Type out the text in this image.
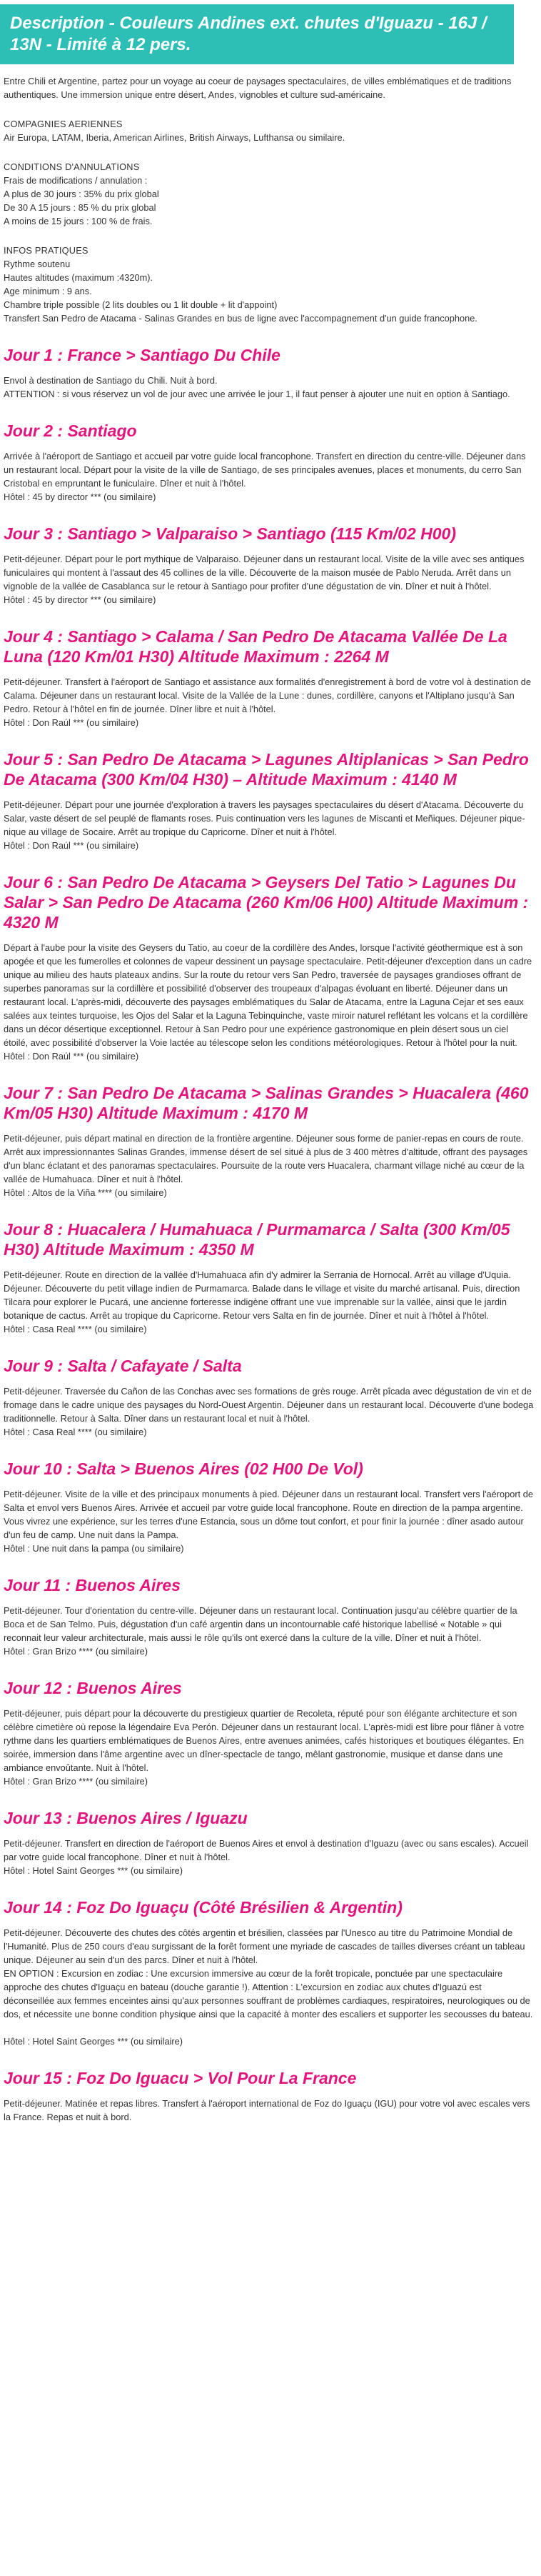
Description - Couleurs Andines ext. chutes d'Iguazu - 16J / 13N - Limité à 12 pers.

Entre Chili et Argentine, partez pour un voyage au coeur de paysages spectaculaires, de villes emblématiques et de traditions authentiques. Une immersion unique entre désert, Andes, vignobles et culture sud-américaine.

COMPAGNIES AERIENNES

Air Europa, LATAM, Iberia, American Airlines, British Airways, Lufthansa ou similaire.

CONDITIONS D'ANNULATIONS

Frais de modifications / annulation :

A plus de 30 jours : 35% du prix global

De 30 A 15 jours : 85 % du prix global

A moins de 15 jours : 100 % de frais.

INFOS PRATIQUES

Rythme soutenu

Hautes altitudes (maximum :4320m).

Age minimum : 9 ans.

Chambre triple possible (2 lits doubles ou 1 lit double + lit d'appoint)

Transfert San Pedro de Atacama - Salinas Grandes en bus de ligne avec l'accompagnement d'un guide francophone.

Jour 1 : France > Santiago Du Chile

Envol à destination de Santiago du Chili. Nuit à bord.

ATTENTION : si vous réservez un vol de jour avec une arrivée le jour 1, il faut penser à ajouter une nuit en option à Santiago.

Jour 2 : Santiago

Arrivée à l'aéroport de Santiago et accueil par votre guide local francophone. Transfert en direction du centre-ville. Déjeuner dans un restaurant local. Départ pour la visite de la ville de Santiago, de ses principales avenues, places et monuments, du cerro San Cristobal en empruntant le funiculaire. Dîner et nuit à l'hôtel.

Hôtel : 45 by director *** (ou similaire)

Jour 3 : Santiago > Valparaiso > Santiago (115 Km/02 H00)

Petit-déjeuner. Départ pour le port mythique de Valparaiso. Déjeuner dans un restaurant local. Visite de la ville avec ses antiques funiculaires qui montent à l'assaut des 45 collines de la ville. Découverte de la maison musée de Pablo Neruda. Arrêt dans un vignoble de la vallée de Casablanca sur le retour à Santiago pour profiter d'une dégustation de vin. Dîner et nuit à l'hôtel.

Hôtel : 45 by director *** (ou similaire)

Jour 4 : Santiago > Calama / San Pedro De Atacama Vallée De La Luna (120 Km/01 H30) Altitude Maximum : 2264 M

Petit-déjeuner. Transfert à l'aéroport de Santiago et assistance aux formalités d'enregistrement à bord de votre vol à destination de Calama. Déjeuner dans un restaurant local. Visite de la Vallée de la Lune : dunes, cordillère, canyons et l'Altiplano jusqu'à San Pedro. Retour à l'hôtel en fin de journée. Dîner libre et nuit à l'hôtel.

Hôtel : Don Raúl *** (ou similaire)

Jour 5 : San Pedro De Atacama > Lagunes Altiplanicas > San Pedro De Atacama (300 Km/04 H30) – Altitude Maximum : 4140 M

Petit-déjeuner. Départ pour une journée d'exploration à travers les paysages spectaculaires du désert d'Atacama. Découverte du Salar, vaste désert de sel peuplé de flamants roses. Puis continuation vers les lagunes de Miscanti et Meñiques. Déjeuner pique-nique au village de Socaire. Arrêt au tropique du Capricorne. Dîner et nuit à l'hôtel.

Hôtel : Don Raúl *** (ou similaire)

Jour 6 : San Pedro De Atacama > Geysers Del Tatio > Lagunes Du Salar > San Pedro De Atacama (260 Km/06 H00) Altitude Maximum : 4320 M

Départ à l'aube pour la visite des Geysers du Tatio, au coeur de la cordillère des Andes, lorsque l'activité géothermique est à son apogée et que les fumerolles et colonnes de vapeur dessinent un paysage spectaculaire. Petit-déjeuner d'exception dans un cadre unique au milieu des hauts plateaux andins. Sur la route du retour vers San Pedro, traversée de paysages grandioses offrant de superbes panoramas sur la cordillère et possibilité d'observer des troupeaux d'alpagas évoluant en liberté. Déjeuner dans un restaurant local. L'après-midi, découverte des paysages emblématiques du Salar de Atacama, entre la Laguna Cejar et ses eaux salées aux teintes turquoise, les Ojos del Salar et la Laguna Tebinquinche, vaste miroir naturel reflétant les volcans et la cordillère dans un décor désertique exceptionnel. Retour à San Pedro pour une expérience gastronomique en plein désert sous un ciel étoilé, avec possibilité d'observer la Voie lactée au télescope selon les conditions météorologiques. Retour à l'hôtel pour la nuit.

Hôtel : Don Raúl *** (ou similaire)

Jour 7 : San Pedro De Atacama > Salinas Grandes > Huacalera (460 Km/05 H30) Altitude Maximum : 4170 M

Petit-déjeuner, puis départ matinal en direction de la frontière argentine. Déjeuner sous forme de panier-repas en cours de route. Arrêt aux impressionnantes Salinas Grandes, immense désert de sel situé à plus de 3 400 mètres d'altitude, offrant des paysages d'un blanc éclatant et des panoramas spectaculaires. Poursuite de la route vers Huacalera, charmant village niché au cœur de la vallée de Humahuaca. Dîner et nuit à l'hôtel.

Hôtel : Altos de la Viña **** (ou similaire)

Jour 8 : Huacalera / Humahuaca / Purmamarca / Salta (300 Km/05 H30) Altitude Maximum : 4350 M

Petit-déjeuner. Route en direction de la vallée d'Humahuaca afin d'y admirer la Serrania de Hornocal. Arrêt au village d'Uquia. Déjeuner. Découverte du petit village indien de Purmamarca. Balade dans le village et visite du marché artisanal. Puis, direction Tilcara pour explorer le Pucará, une ancienne forteresse indigène offrant une vue imprenable sur la vallée, ainsi que le jardin botanique de cactus. Arrêt au tropique du Capricorne. Retour vers Salta en fin de journée. Dîner et nuit à l'hôtel à l'hôtel.

Hôtel : Casa Real **** (ou similaire)

Jour 9 : Salta / Cafayate / Salta

Petit-déjeuner. Traversée du Cañon de las Conchas avec ses formations de grès rouge. Arrêt pîcada avec dégustation de vin et de fromage dans le cadre unique des paysages du Nord-Ouest Argentin. Déjeuner dans un restaurant local. Découverte d'une bodega traditionnelle. Retour à Salta. Dîner dans un restaurant local et nuit à l'hôtel.

Hôtel : Casa Real **** (ou similaire)

Jour 10 : Salta > Buenos Aires (02 H00 De Vol)

Petit-déjeuner. Visite de la ville et des principaux monuments à pied. Déjeuner dans un restaurant local. Transfert vers l'aéroport de Salta et envol vers Buenos Aires. Arrivée et accueil par votre guide local francophone. Route en direction de la pampa argentine. Vous vivrez une expérience, sur les terres d'une Estancia, sous un dôme tout confort, et pour finir la journée : dîner asado autour d'un feu de camp. Une nuit dans la Pampa.

Hôtel : Une nuit dans la pampa (ou similaire)

Jour 11 : Buenos Aires

Petit-déjeuner. Tour d'orientation du centre-ville. Déjeuner dans un restaurant local. Continuation jusqu'au célèbre quartier de la Boca et de San Telmo. Puis, dégustation d'un café argentin dans un incontournable café historique labellisé « Notable » qui reconnait leur valeur architecturale, mais aussi le rôle qu'ils ont exercé dans la culture de la ville. Dîner et nuit à l'hôtel.

Hôtel : Gran Brizo **** (ou similaire)

Jour 12 : Buenos Aires

Petit-déjeuner, puis départ pour la découverte du prestigieux quartier de Recoleta, réputé pour son élégante architecture et son célèbre cimetière où repose la légendaire Eva Perón. Déjeuner dans un restaurant local. L'après-midi est libre pour flâner à votre rythme dans les quartiers emblématiques de Buenos Aires, entre avenues animées, cafés historiques et boutiques élégantes. En soirée, immersion dans l'âme argentine avec un dîner-spectacle de tango, mêlant gastronomie, musique et danse dans une ambiance envoûtante. Nuit à l'hôtel.

Hôtel : Gran Brizo **** (ou similaire)

Jour 13 : Buenos Aires / Iguazu

Petit-déjeuner. Transfert en direction de l'aéroport de Buenos Aires et envol à destination d'Iguazu (avec ou sans escales). Accueil par votre guide local francophone. Dîner et nuit à l'hôtel.

Hôtel : Hotel Saint Georges *** (ou similaire)

Jour 14 : Foz Do Iguaçu (Côté Brésilien & Argentin)

Petit-déjeuner. Découverte des chutes des côtés argentin et brésilien, classées par l'Unesco au titre du Patrimoine Mondial de l'Humanité. Plus de 250 cours d'eau surgissant de la forêt forment une myriade de cascades de tailles diverses créant un tableau unique. Déjeuner au sein d'un des parcs. Dîner et nuit à l'hôtel.

EN OPTION : Excursion en zodiac : Une excursion immersive au cœur de la forêt tropicale, ponctuée par une spectaculaire approche des chutes d'Iguaçu en bateau (douche garantie !). Attention : L'excursion en zodiac aux chutes d'Iguazú est déconseillée aux femmes enceintes ainsi qu'aux personnes souffrant de problèmes cardiaques, respiratoires, neurologiques ou de dos, et nécessite une bonne condition physique ainsi que la capacité à monter des escaliers et supporter les secousses du bateau.

Hôtel : Hotel Saint Georges *** (ou similaire)

Jour 15 : Foz Do Iguacu > Vol Pour La France

Petit-déjeuner. Matinée et repas libres. Transfert à l'aéroport international de Foz do Iguaçu (IGU) pour votre vol avec escales vers la France. Repas et nuit à bord.
